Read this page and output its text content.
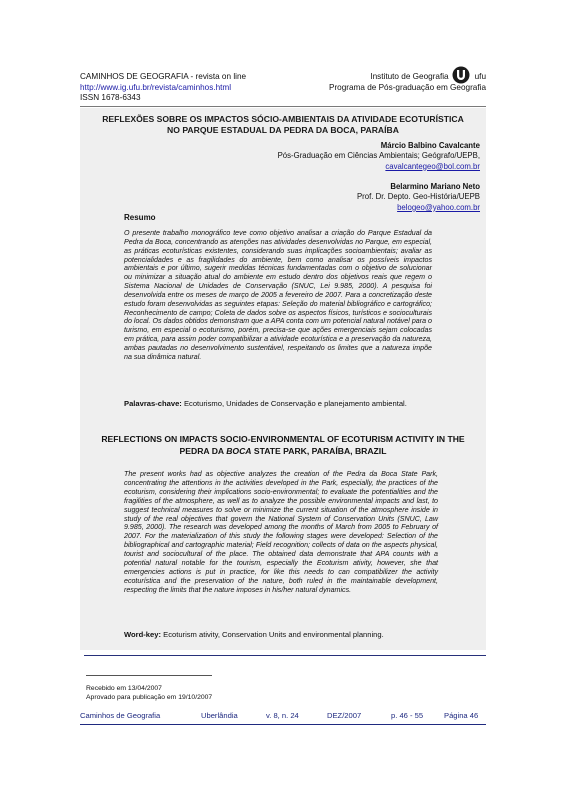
CAMINHOS DE GEOGRAFIA - revista on line
http://www.ig.ufu.br/revista/caminhos.html
ISSN 1678-6343
Instituto de Geografia	ufu
Programa de Pós-graduação em Geografia
REFLEXÕES SOBRE OS IMPACTOS SÓCIO-AMBIENTAIS DA ATIVIDADE ECOTURÍSTICA
NO PARQUE ESTADUAL DA PEDRA DA BOCA, PARAÍBA
Márcio Balbino Cavalcante
Pós-Graduação em Ciências Ambientais; Geógrafo/UEPB,
cavalcantegeo@bol.com.br
Belarmino Mariano Neto
Prof. Dr. Depto. Geo-História/UEPB
belogeo@yahoo.com.br
Resumo

O presente trabalho monográfico teve como objetivo analisar a criação do Parque Estadual da Pedra da Boca, concentrando as atenções nas atividades desenvolvidas no Parque, em especial, as práticas ecoturísticas existentes, considerando suas implicações socioambientais; avaliar as potencialidades e as fragilidades do ambiente, bem como analisar os possíveis impactos ambientais e por último, sugerir medidas técnicas fundamentadas com o objetivo de solucionar ou minimizar a situação atual do ambiente em estudo dentro dos objetivos reais que regem o Sistema Nacional de Unidades de Conservação (SNUC, Lei 9.985, 2000). A pesquisa foi desenvolvida entre os meses de março de 2005 a fevereiro de 2007. Para a concretização deste estudo foram desenvolvidas as seguintes etapas: Seleção do material bibliográfico e cartográfico; Reconhecimento de campo; Coleta de dados sobre os aspectos físicos, turísticos e socioculturais do local. Os dados obtidos demonstram que a APA conta com um potencial natural notável para o turismo, em especial o ecoturismo, porém, precisa-se que ações emergenciais sejam colocadas em prática, para assim poder compatibilizar a atividade ecoturística e a preservação da natureza, ambas pautadas no desenvolvimento sustentável, respeitando os limites que a natureza impõe na sua dinâmica natural.

Palavras-chave: Ecoturismo, Unidades de Conservação e planejamento ambiental.
REFLECTIONS ON IMPACTS SOCIO-ENVIRONMENTAL OF ECOTURISM ACTIVITY IN THE
PEDRA DA BOCA STATE PARK, PARAÍBA, BRAZIL

The present works had as objective analyzes the creation of the Pedra da Boca State Park, concentrating the attentions in the activities developed in the Park, especially, the practices of the ecoturism, considering their implications socio-environmental; to evaluate the potentialities and the fragilities of the atmosphere, as well as to analyze the possible environmental impacts and last, to suggest technical measures to solve or minimize the current situation of the atmosphere inside in study of the real objectives that govern the National System of Conservation Units (SNUC, Law 9.985, 2000). The research was developed among the months of March from 2005 to February of 2007. For the materialization of this study the following stages were developed: Selection of the bibliographical and cartographic material; Field recognition; collects of data on the aspects physical, tourist and sociocultural of the place. The obtained data demonstrate that APA counts with a potential natural notable for the tourism, especially the Ecoturism ativity, however, she that emergencies actions is put in practice, for like this needs to can compatibilizer the activity ecoturística and the preservation of the nature, both ruled in the maintainable development, respecting the limits that the nature imposes in his/her natural dynamics.

Word-key: Ecoturism ativity, Conservation Units and environmental planning.
Recebido em 13/04/2007
Aprovado para publicação em 19/10/2007
Caminhos de Geografia	Uberlândia	v. 8, n. 24	DEZ/2007	p. 46 - 55	Página 46
